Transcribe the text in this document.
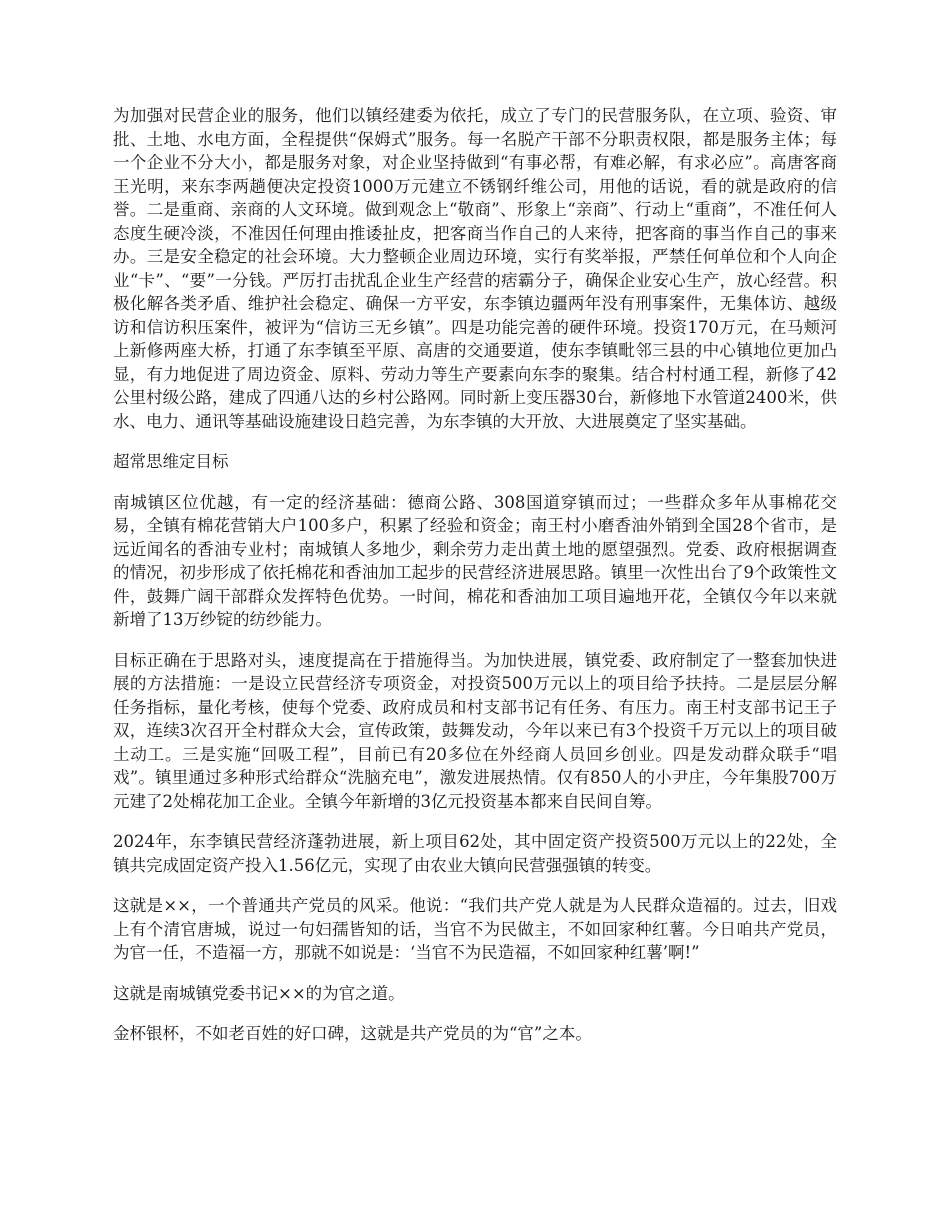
为加强对民营企业的服务，他们以镇经建委为依托，成立了专门的民营服务队，在立项、验资、审批、土地、水电方面，全程提供“保姆式”服务。每一名脱产干部不分职责权限，都是服务主体；每一个企业不分大小，都是服务对象，对企业坚持做到“有事必帮，有难必解，有求必应”。高唐客商王光明，来东李两趟便决定投资1000万元建立不锈钢纤维公司，用他的话说，看的就是政府的信誉。二是重商、亲商的人文环境。做到观念上“敬商”、形象上“亲商”、行动上“重商”，不准任何人态度生硬冷淡，不准因任何理由推诿扯皮，把客商当作自己的人来待，把客商的事当作自己的事来办。三是安全稳定的社会环境。大力整顿企业周边环境，实行有奖举报，严禁任何单位和个人向企业“卡”、“要”一分钱。严厉打击扰乱企业生产经营的痞霸分子，确保企业安心生产，放心经营。积极化解各类矛盾、维护社会稳定、确保一方平安，东李镇边疆两年没有刑事案件，无集体访、越级访和信访积压案件，被评为“信访三无乡镇”。四是功能完善的硬件环境。投资170万元，在马颊河上新修两座大桥，打通了东李镇至平原、高唐的交通要道，使东李镇毗邻三县的中心镇地位更加凸显，有力地促进了周边资金、原料、劳动力等生产要素向东李的聚集。结合村村通工程，新修了42公里村级公路，建成了四通八达的乡村公路网。同时新上变压器30台，新修地下水管道2400米，供水、电力、通讯等基础设施建设日趋完善，为东李镇的大开放、大进展奠定了坚实基础。

超常思维定目标

南城镇区位优越，有一定的经济基础：德商公路、308国道穿镇而过；一些群众多年从事棉花交易，全镇有棉花营销大户100多户，积累了经验和资金；南王村小磨香油外销到全国28个省市，是远近闻名的香油专业村；南城镇人多地少，剩余劳力走出黄土地的愿望强烈。党委、政府根据调查的情况，初步形成了依托棉花和香油加工起步的民营经济进展思路。镇里一次性出台了9个政策性文件，鼓舞广阔干部群众发挥特色优势。一时间，棉花和香油加工项目遍地开花，全镇仅今年以来就新增了13万纱锭的纺纱能力。

目标正确在于思路对头，速度提高在于措施得当。为加快进展，镇党委、政府制定了一整套加快进展的方法措施：一是设立民营经济专项资金，对投资500万元以上的项目给予扶持。二是层层分解任务指标，量化考核，使每个党委、政府成员和村支部书记有任务、有压力。南王村支部书记王子双，连续3次召开全村群众大会，宣传政策，鼓舞发动，今年以来已有3个投资千万元以上的项目破土动工。三是实施“回吸工程”，目前已有20多位在外经商人员回乡创业。四是发动群众联手“唱戏”。镇里通过多种形式给群众“洗脑充电”，激发进展热情。仅有850人的小尹庄，今年集股700万元建了2处棉花加工企业。全镇今年新增的3亿元投资基本都来自民间自筹。

2024年，东李镇民营经济蓬勃进展，新上项目62处，其中固定资产投资500万元以上的22处，全镇共完成固定资产投入1.56亿元，实现了由农业大镇向民营强强镇的转变。

这就是××，一个普通共产党员的风采。他说：“我们共产党人就是为人民群众造福的。过去，旧戏上有个清官唐城，说过一句妇孺皆知的话，当官不为民做主，不如回家种红薯。今日咱共产党员，为官一任，不造福一方，那就不如说是：‘当官不为民造福，不如回家种红薯’啊!”

这就是南城镇党委书记××的为官之道。

金杯银杯，不如老百姓的好口碑，这就是共产党员的为“官”之本。
